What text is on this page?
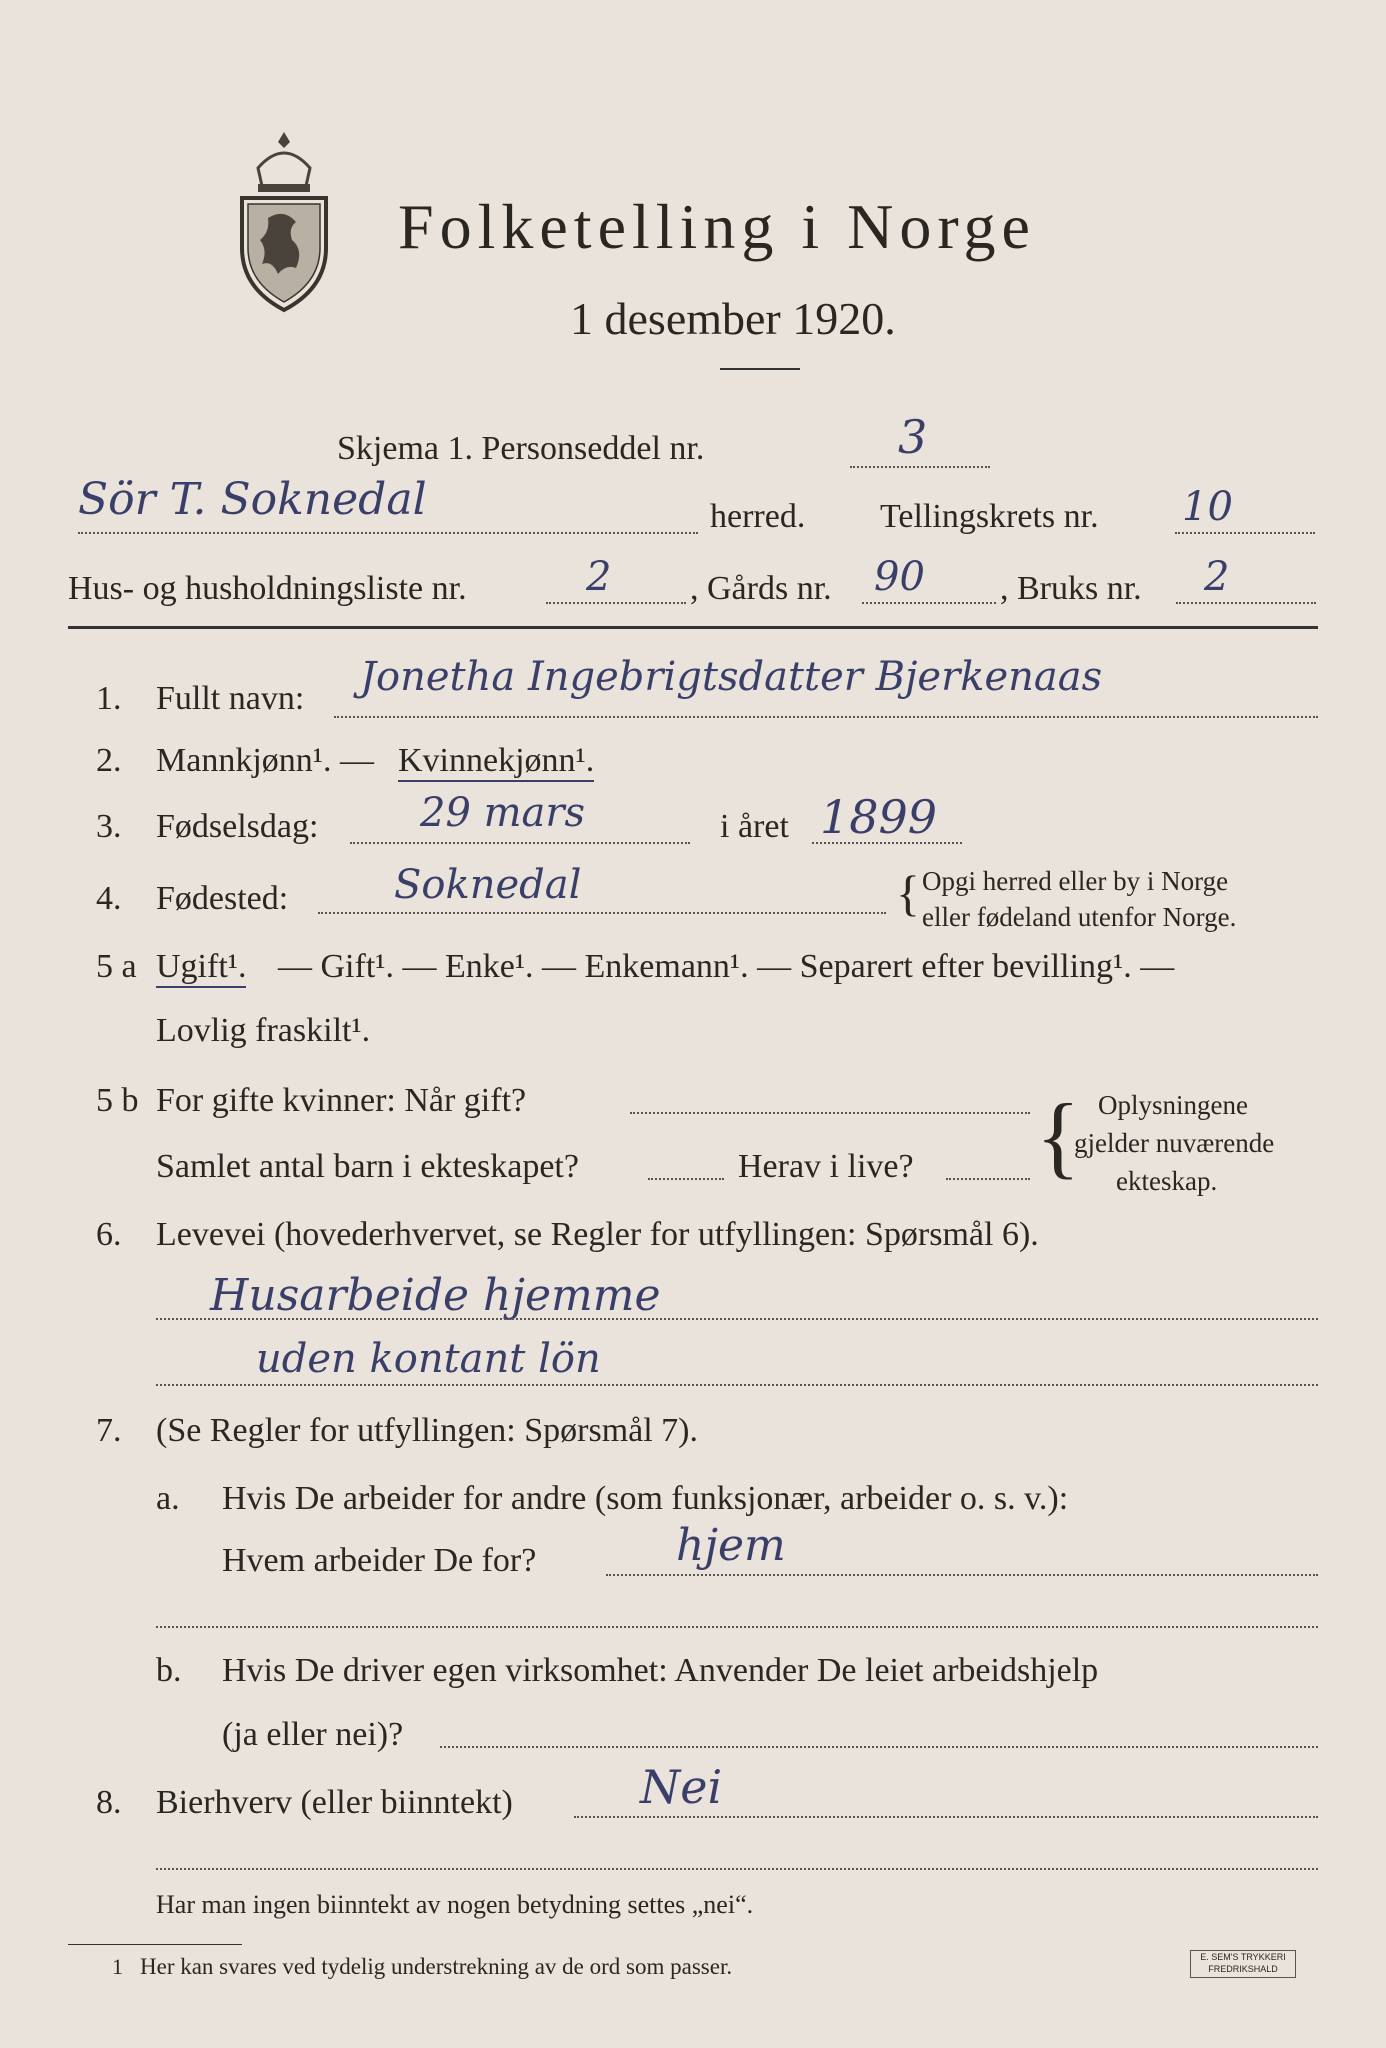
Folketelling i Norge
1 desember 1920.
Skjema 1. Personseddel nr.	3
Sör T. Soknedal	herred. Tellingskrets nr. 10
Hus- og husholdningsliste nr.	2 , Gårds nr. 90 , Bruks nr. 2
1. Fullt navn: Jonetha Ingebrigtsdatter Bjerkenaas
2. Mannkjønn¹. — Kvinnekjønn¹.
3. Fødselsdag:	29 mars	i året 1899
4. Fødested:	Soknedal	{ Opgi herred eller by i Norge
eller fødeland utenfor Norge.
5 a Ugift¹. — Gift¹. — Enke¹. — Enkemann¹. — Separert efter bevilling¹. —
Lovlig fraskilt¹.
5 b For gifte kvinner: Når gift?
Samlet antal barn i ekteskapet?	Herav i live? { Oplysningene
gjelder nuværende
ekteskap.
6. Levevei (hovederhvervet, se Regler for utfyllingen: Spørsmål 6).
Husarbeide hjemme
uden kontant lön
7. (Se Regler for utfyllingen: Spørsmål 7).
a. Hvis De arbeider for andre (som funksjonær, arbeider o. s. v.):
Hvem arbeider De for?	hjem
b. Hvis De driver egen virksomhet: Anvender De leiet arbeidshjelp
(ja eller nei)?
8. Bierhverv (eller biinntekt)	Nei
Har man ingen biinntekt av nogen betydning settes „nei“.
1 Her kan svares ved tydelig understrekning av de ord som passer.	E. SEM'S TRYKKERI
FREDRIKSHALD
